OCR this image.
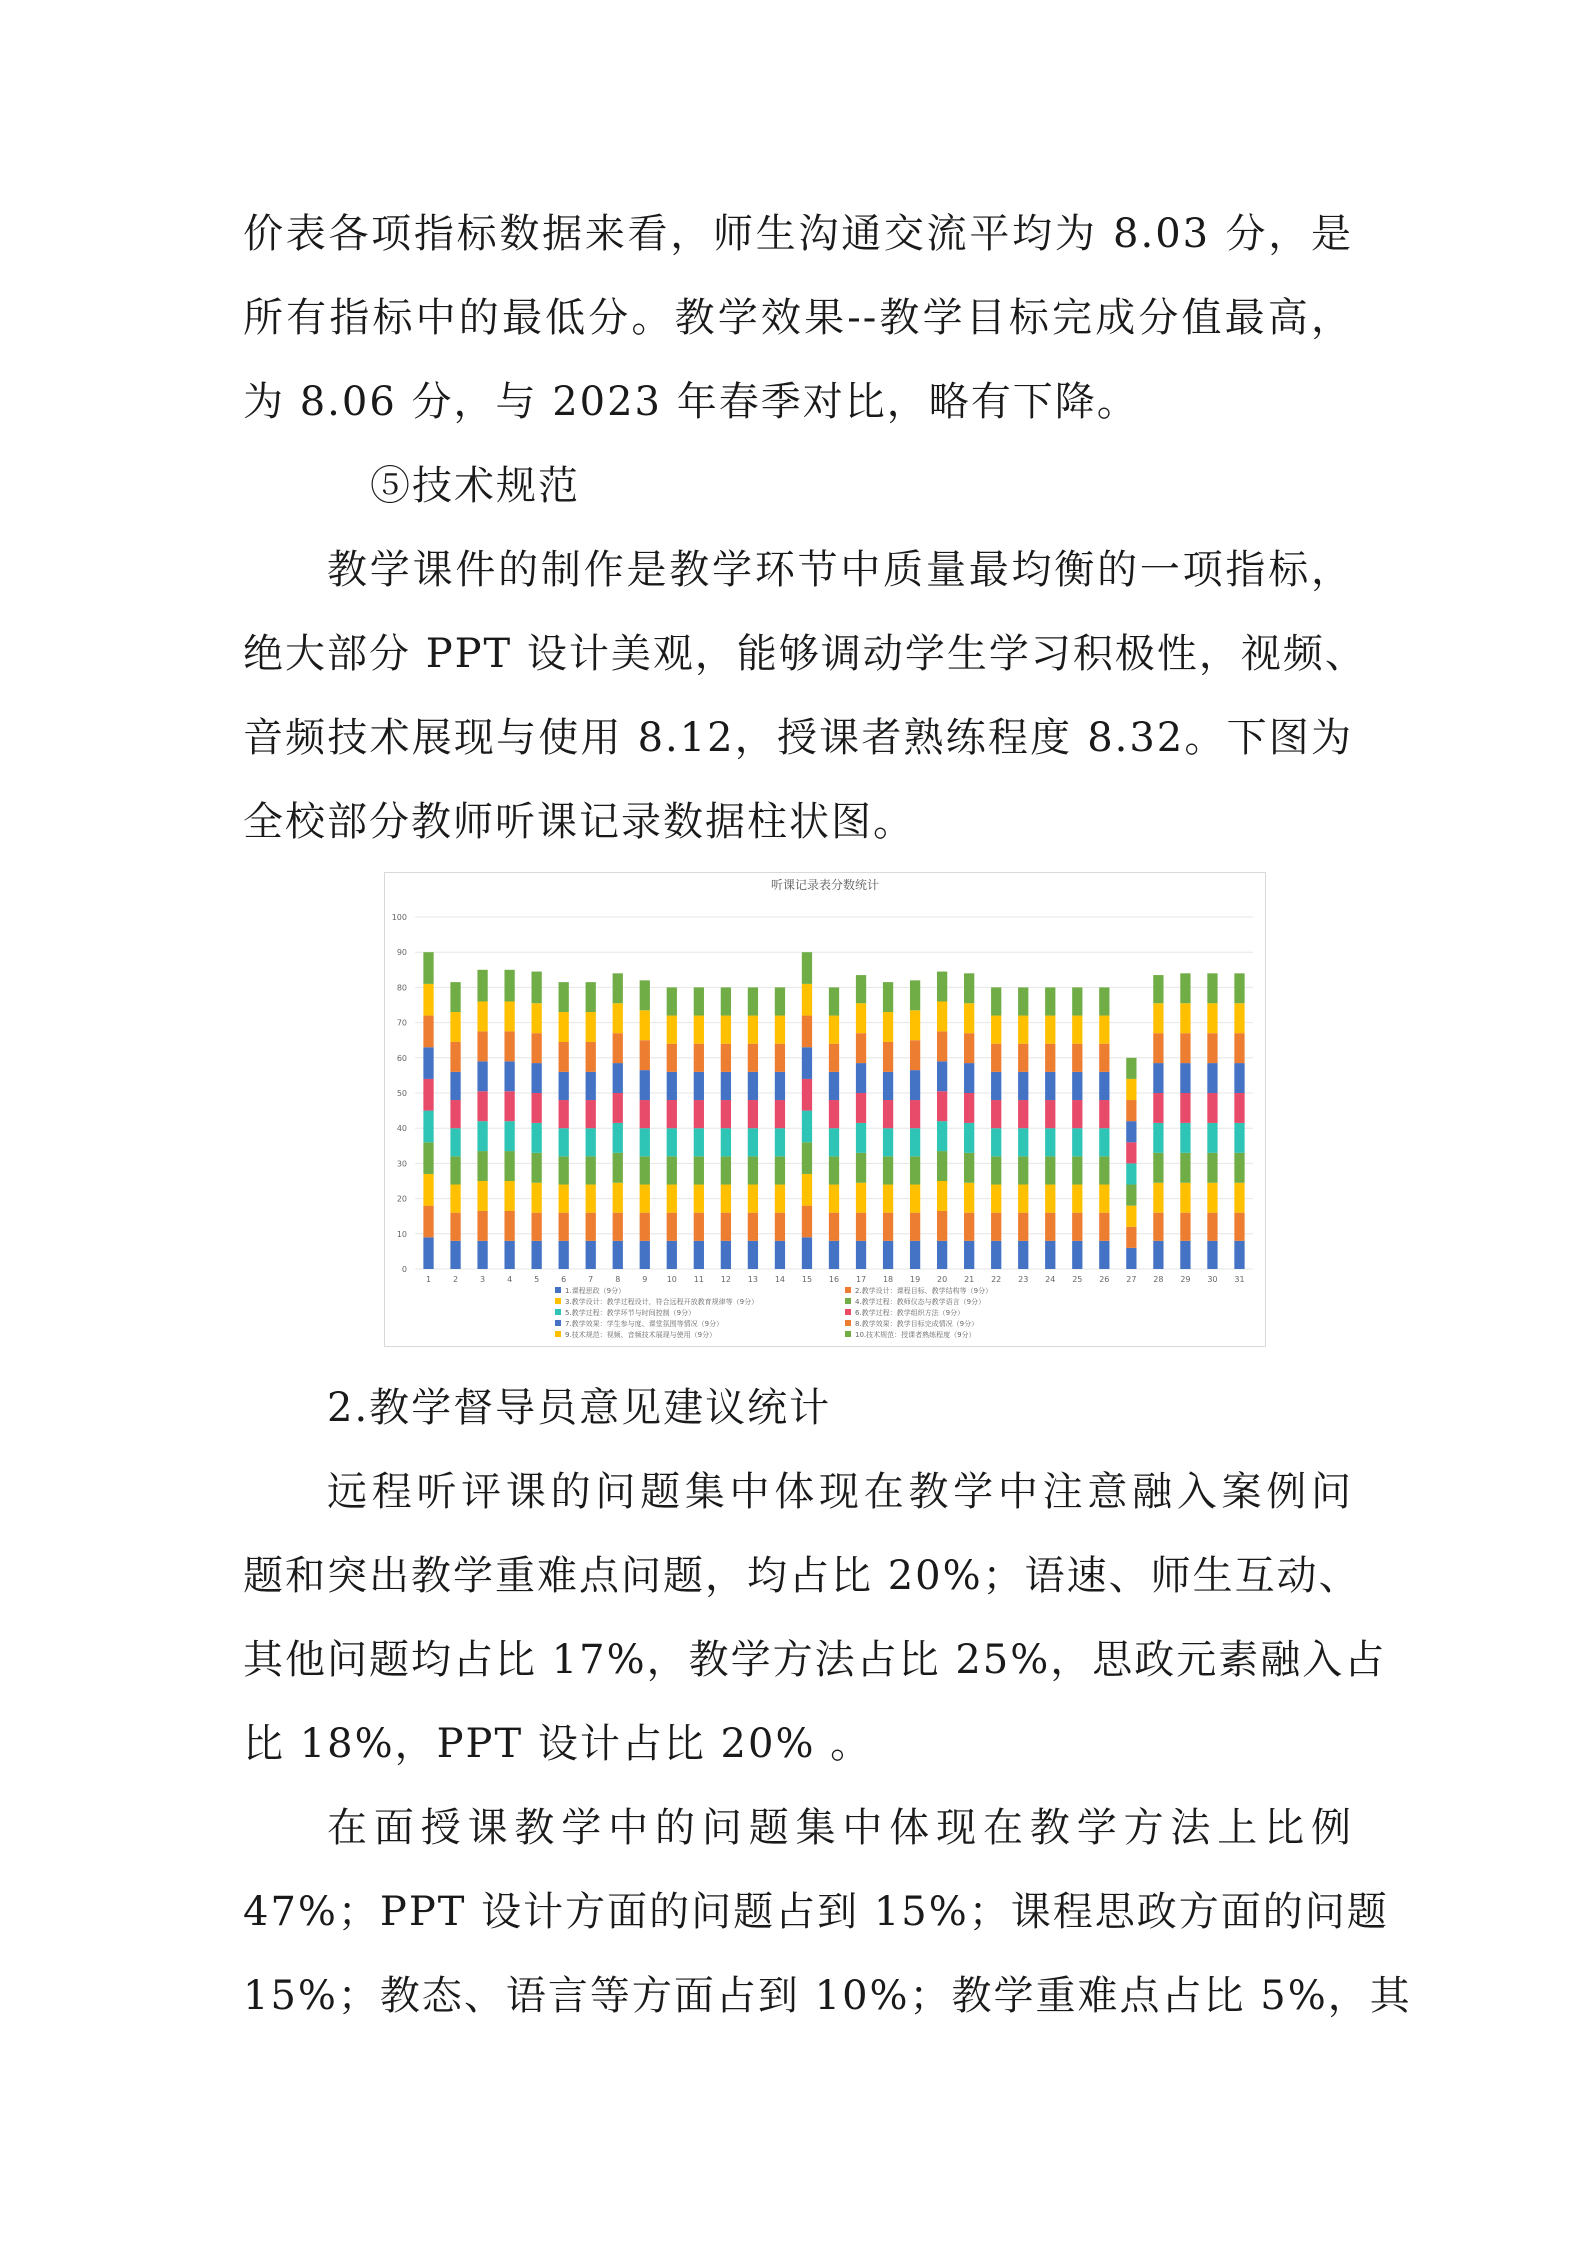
价表各项指标数据来看，师生沟通交流平均为 8.03 分，是
所有指标中的最低分。教学效果--教学目标完成分值最高，
为 8.06 分，与 2023 年春季对比，略有下降。
⑤技术规范
教学课件的制作是教学环节中质量最均衡的一项指标，
绝大部分 PPT 设计美观，能够调动学生学习积极性，视频、
音频技术展现与使用 8.12，授课者熟练程度 8.32。下图为
全校部分教师听课记录数据柱状图。
听课记录表分数统计
0
10
20
30
40
50
60
70
80
90
100
1	2	3	4	5	6	7	8	9 10 11 12 13 14 15 16 17 18 19 20 21 22 23 24 25 26 27 28 29 30 31
1.课程思政（9分）	2.教学设计：课程目标、教学结构等（9分）
3.教学设计：教学过程设计，符合远程开放教育规律等（9分）	4.教学过程：教师仪态与教学语言（9分）
5.教学过程：教学环节与时间控制（9分）	6.教学过程：教学组织方法（9分）
7.教学效果：学生参与度、课堂氛围等情况（9分）	8.教学效果：教学目标完成情况（9分）
9.技术规范：视频、音频技术展现与使用（9分）	10.技术规范：授课者熟练程度（9分）
2.教学督导员意见建议统计
远程听评课的问题集中体现在教学中注意融入案例问
题和突出教学重难点问题，均占比 20%；语速、师生互动、
其他问题均占比 17%，教学方法占比 25%，思政元素融入占
比 18%，PPT 设计占比 20% 。
在面授课教学中的问题集中体现在教学方法上比例
47%；PPT 设计方面的问题占到 15%；课程思政方面的问题
15%；教态、语言等方面占到 10%；教学重难点占比 5%，其
